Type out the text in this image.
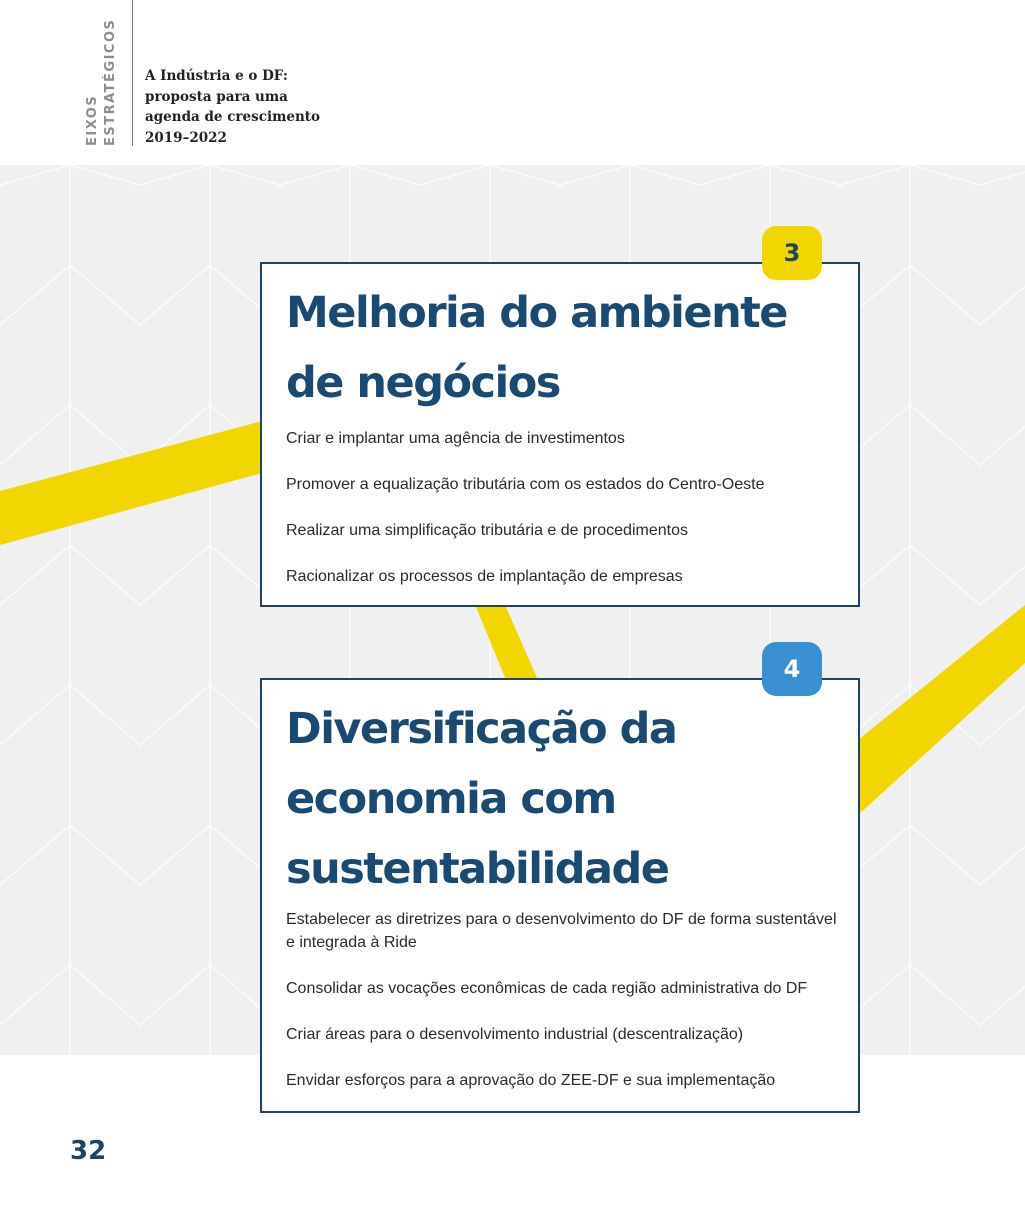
EIXOS ESTRATÉGICOS A Indústria e o DF:
proposta para uma
agenda de crescimento
2019–2022
Melhoria do ambiente
de negócios
Criar e implantar uma agência de investimentos
Promover a equalização tributária com os estados do Centro-Oeste
Realizar uma simplificação tributária e de procedimentos
Racionalizar os processos de implantação de empresas
3
Diversificação da
economia com
sustentabilidade
Estabelecer as diretrizes para o desenvolvimento do DF de forma sustentável e integrada à Ride
Consolidar as vocações econômicas de cada região administrativa do DF
Criar áreas para o desenvolvimento industrial (descentralização)
Envidar esforços para a aprovação do ZEE-DF e sua implementação
4
32
